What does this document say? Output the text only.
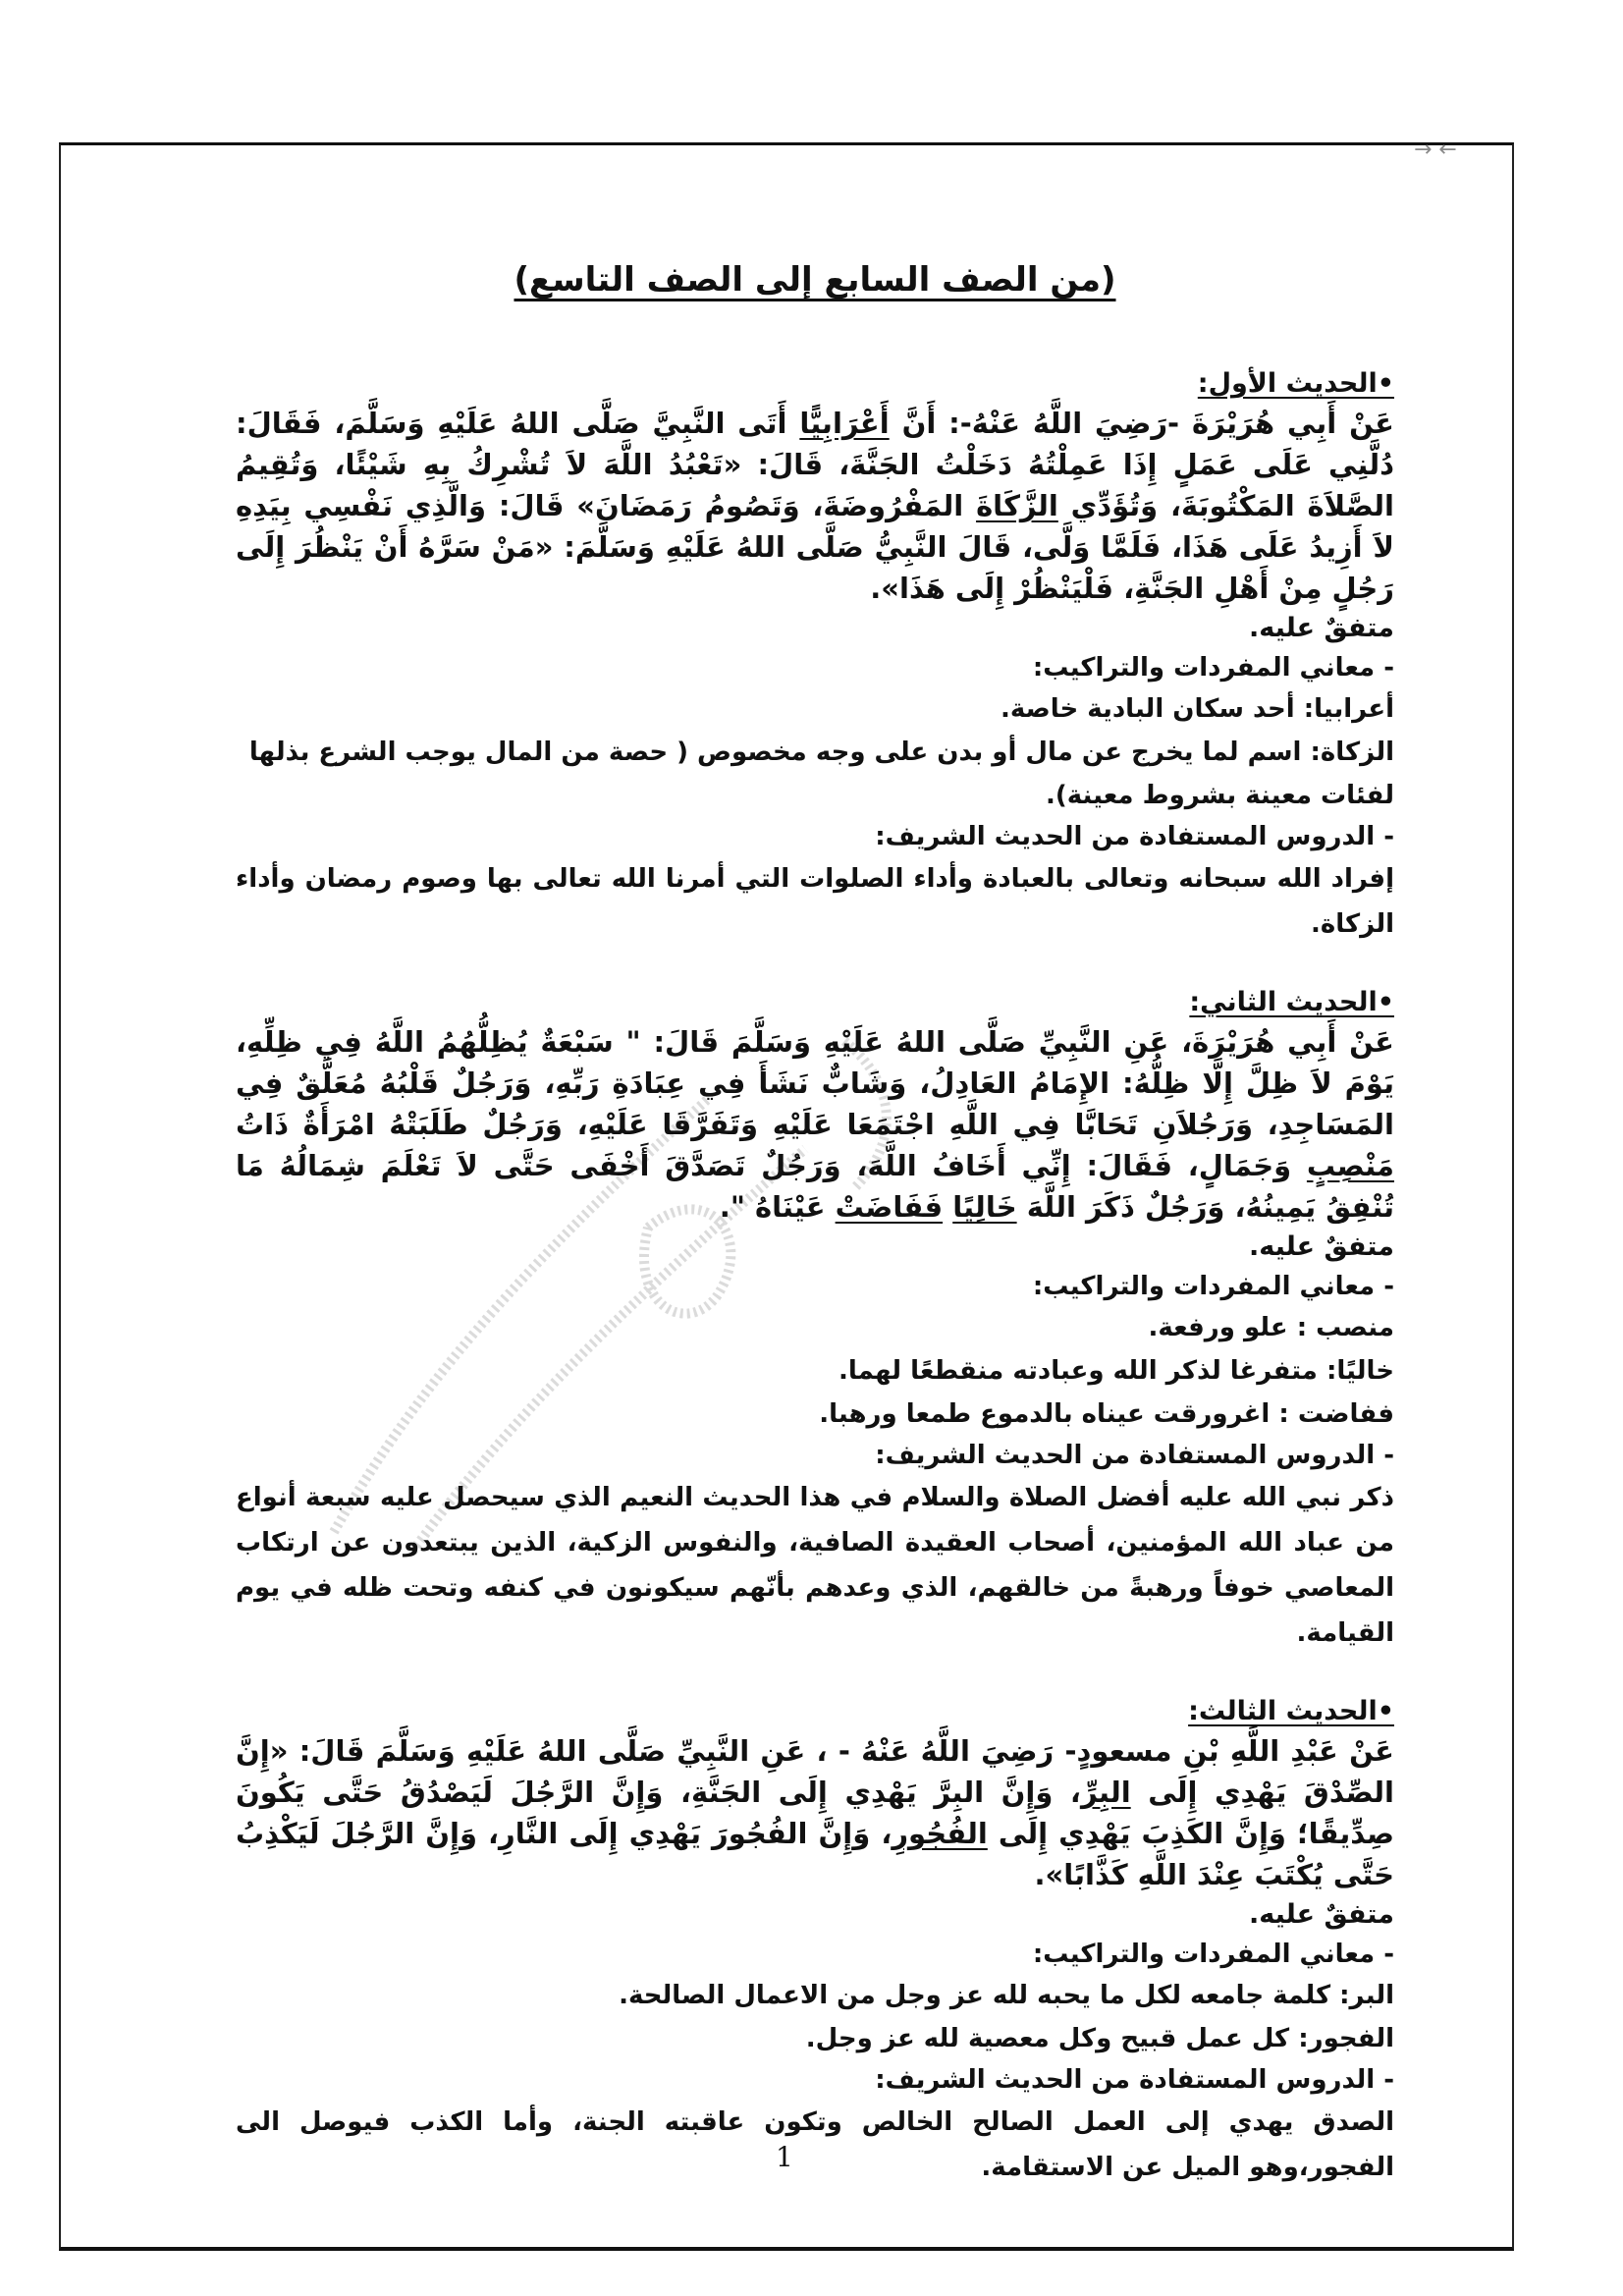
→ ←
(من الصف السابع إلى الصف التاسع)

•الحديث الأول:

عَنْ أَبِي هُرَيْرَةَ -رَضِيَ اللَّهُ عَنْهُ-: أَنَّ أَعْرَابِيًّا أَتَى النَّبِيَّ صَلَّى اللهُ عَلَيْهِ وَسَلَّمَ، فَقَالَ: دُلَّنِي عَلَى عَمَلٍ إِذَا عَمِلْتُهُ دَخَلْتُ الجَنَّةَ، قَالَ: «تَعْبُدُ اللَّهَ لاَ تُشْرِكُ بِهِ شَيْئًا، وَتُقِيمُ الصَّلاَةَ المَكْتُوبَةَ، وَتُؤَدِّي الزَّكَاةَ المَفْرُوضَةَ، وَتَصُومُ رَمَضَانَ» قَالَ: وَالَّذِي نَفْسِي بِيَدِهِ لاَ أَزِيدُ عَلَى هَذَا، فَلَمَّا وَلَّى، قَالَ النَّبِيُّ صَلَّى اللهُ عَلَيْهِ وَسَلَّمَ: «مَنْ سَرَّهُ أَنْ يَنْظُرَ إِلَى رَجُلٍ مِنْ أَهْلِ الجَنَّةِ، فَلْيَنْظُرْ إِلَى هَذَا».

متفقٌ عليه.

- معاني المفردات والتراكيب:

أعرابيا: أحد سكان البادية خاصة.

الزكاة: اسم لما يخرج عن مال أو بدن على وجه مخصوص ( حصة من المال يوجب الشرع بذلها لفئات معينة بشروط معينة).

- الدروس المستفادة من الحديث الشريف:

إفراد الله سبحانه وتعالى بالعبادة وأداء الصلوات التي أمرنا الله تعالى بها وصوم رمضان وأداء الزكاة.

•الحديث الثاني:

عَنْ أَبِي هُرَيْرَةَ، عَنِ النَّبِيِّ صَلَّى اللهُ عَلَيْهِ وَسَلَّمَ قَالَ: " سَبْعَةٌ يُظِلُّهُمُ اللَّهُ فِي ظِلِّهِ، يَوْمَ لاَ ظِلَّ إِلَّا ظِلُّهُ: الإِمَامُ العَادِلُ، وَشَابٌّ نَشَأَ فِي عِبَادَةِ رَبِّهِ، وَرَجُلٌ قَلْبُهُ مُعَلَّقٌ فِي المَسَاجِدِ، وَرَجُلاَنِ تَحَابَّا فِي اللَّهِ اجْتَمَعَا عَلَيْهِ وَتَفَرَّقَا عَلَيْهِ، وَرَجُلٌ طَلَبَتْهُ امْرَأَةٌ ذَاتُ مَنْصِبٍ وَجَمَالٍ، فَقَالَ: إِنِّي أَخَافُ اللَّهَ، وَرَجُلٌ تَصَدَّقَ أَخْفَى حَتَّى لاَ تَعْلَمَ شِمَالُهُ مَا تُنْفِقُ يَمِينُهُ، وَرَجُلٌ ذَكَرَ اللَّهَ خَالِيًا فَفَاضَتْ عَيْنَاهُ ".

متفقٌ عليه.

- معاني المفردات والتراكيب:

منصب : علو ورفعة.

خاليًا: متفرغا لذكر الله وعبادته منقطعًا لهما.

ففاضت : اغرورقت عيناه بالدموع طمعا ورهبا.

- الدروس المستفادة من الحديث الشريف:

ذكر نبي الله عليه أفضل الصلاة والسلام في هذا الحديث النعيم الذي سيحصل عليه سبعة أنواع من عباد الله المؤمنين، أصحاب العقيدة الصافية، والنفوس الزكية، الذين يبتعدون عن ارتكاب المعاصي خوفاً ورهبةً من خالقهم، الذي وعدهم بأنّهم سيكونون في كنفه وتحت ظله في يوم القيامة.

•الحديث الثالث:

عَنْ عَبْدِ اللَّهِ بْنِ مسعودٍ- رَضِيَ اللَّهُ عَنْهُ - ، عَنِ النَّبِيِّ صَلَّى اللهُ عَلَيْهِ وَسَلَّمَ قَالَ: «إِنَّ الصِّدْقَ يَهْدِي إِلَى البِرِّ، وَإِنَّ البِرَّ يَهْدِي إِلَى الجَنَّةِ، وَإِنَّ الرَّجُلَ لَيَصْدُقُ حَتَّى يَكُونَ صِدِّيقًا؛ وَإِنَّ الكَذِبَ يَهْدِي إِلَى الفُجُورِ، وَإِنَّ الفُجُورَ يَهْدِي إِلَى النَّارِ، وَإِنَّ الرَّجُلَ لَيَكْذِبُ حَتَّى يُكْتَبَ عِنْدَ اللَّهِ كَذَّابًا».

متفقٌ عليه.

- معاني المفردات والتراكيب:

البر: كلمة جامعه لكل ما يحبه لله عز وجل من الاعمال الصالحة.

الفجور: كل عمل قبيح وكل معصية لله عز وجل.

- الدروس المستفادة من الحديث الشريف:

الصدق يهدي إلى العمل الصالح الخالص وتكون عاقبته الجنة، وأما الكذب فيوصل الى الفجور،وهو الميل عن الاستقامة.

1
